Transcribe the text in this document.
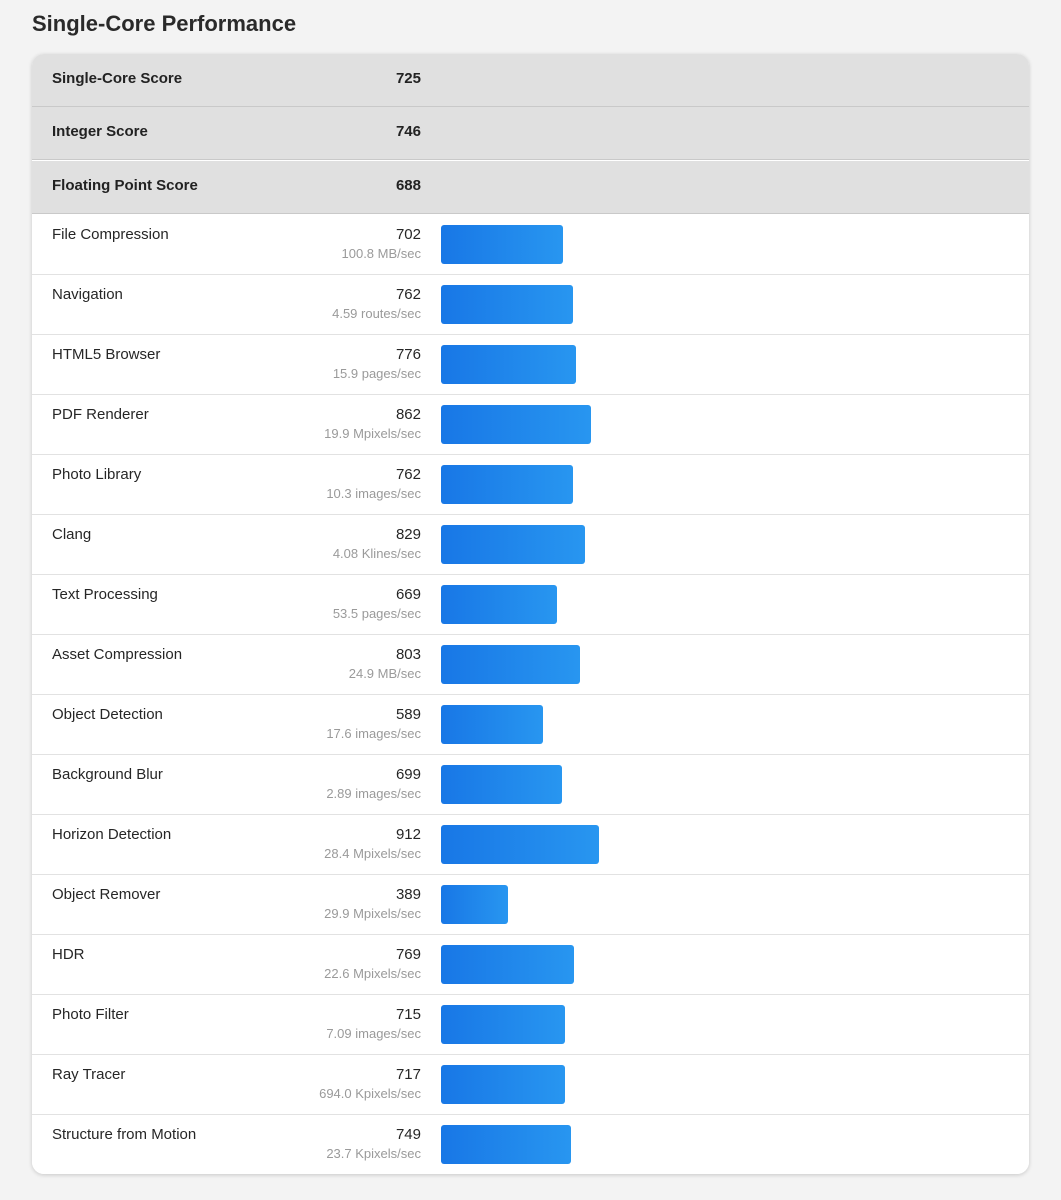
Single-Core Performance
Single-Core Score	725
Integer Score	746
Floating Point Score	688
File Compression	702
100.8 MB/sec
Navigation	762
4.59 routes/sec
HTML5 Browser	776
15.9 pages/sec
PDF Renderer	862
19.9 Mpixels/sec
Photo Library	762
10.3 images/sec
Clang	829
4.08 Klines/sec
Text Processing	669
53.5 pages/sec
Asset Compression	803
24.9 MB/sec
Object Detection	589
17.6 images/sec
Background Blur	699
2.89 images/sec
Horizon Detection	912
28.4 Mpixels/sec
Object Remover	389
29.9 Mpixels/sec
HDR	769
22.6 Mpixels/sec
Photo Filter	715
7.09 images/sec
Ray Tracer	717
694.0 Kpixels/sec
Structure from Motion	749
23.7 Kpixels/sec
